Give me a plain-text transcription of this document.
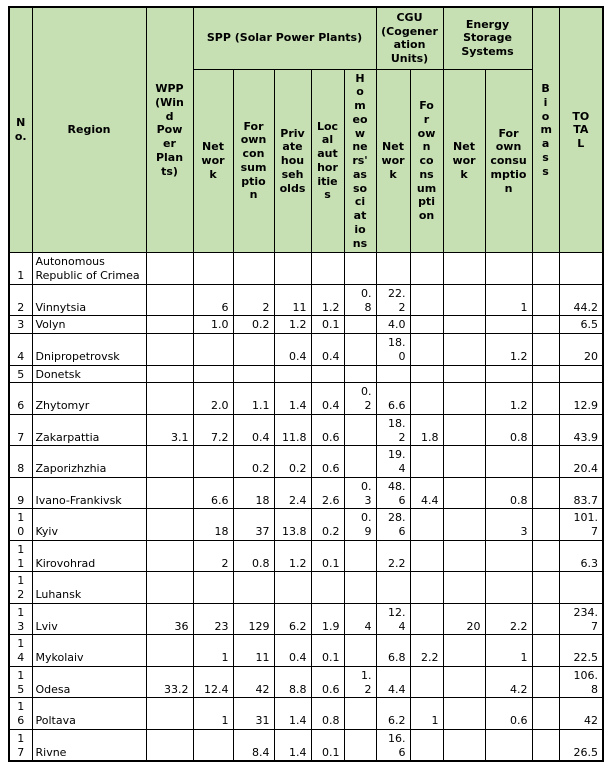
No.	Region	WPP (Wind Power Plants)	SPP (Solar Power Plants)					CGU (Cogeneration Units)		Energy Storage Systems		Biomass	TOTAL
			Network	For own consumption	Private households	Local authorities	Homeowners' associations	Network	For own consumption	Network	For own consumption		
1	Autonomous Republic of Crimea												
2	Vinnytsia		6	2	11	1.2	0.8	22.2			1		44.2
3	Volyn		1.0	0.2	1.2	0.1		4.0					6.5
4	Dnipropetrovsk				0.4	0.4		18.0			1.2		20
5	Donetsk												
6	Zhytomyr		2.0	1.1	1.4	0.4	0.2	6.6			1.2		12.9
7	Zakarpattia	3.1	7.2	0.4	11.8	0.6		18.2	1.8		0.8		43.9
8	Zaporizhzhia			0.2	0.2	0.6		19.4					20.4
9	Ivano-Frankivsk		6.6	18	2.4	2.6	0.3	48.6	4.4		0.8		83.7
10	Kyiv		18	37	13.8	0.2	0.9	28.6			3		101.7
11	Kirovohrad		2	0.8	1.2	0.1		2.2					6.3
12	Luhansk												
13	Lviv	36	23	129	6.2	1.9	4	12.4		20	2.2		234.7
14	Mykolaiv		1	11	0.4	0.1		6.8	2.2		1		22.5
15	Odesa	33.2	12.4	42	8.8	0.6	1.2	4.4			4.2		106.8
16	Poltava		1	31	1.4	0.8		6.2	1		0.6		42
17	Rivne			8.4	1.4	0.1		16.6					26.5
